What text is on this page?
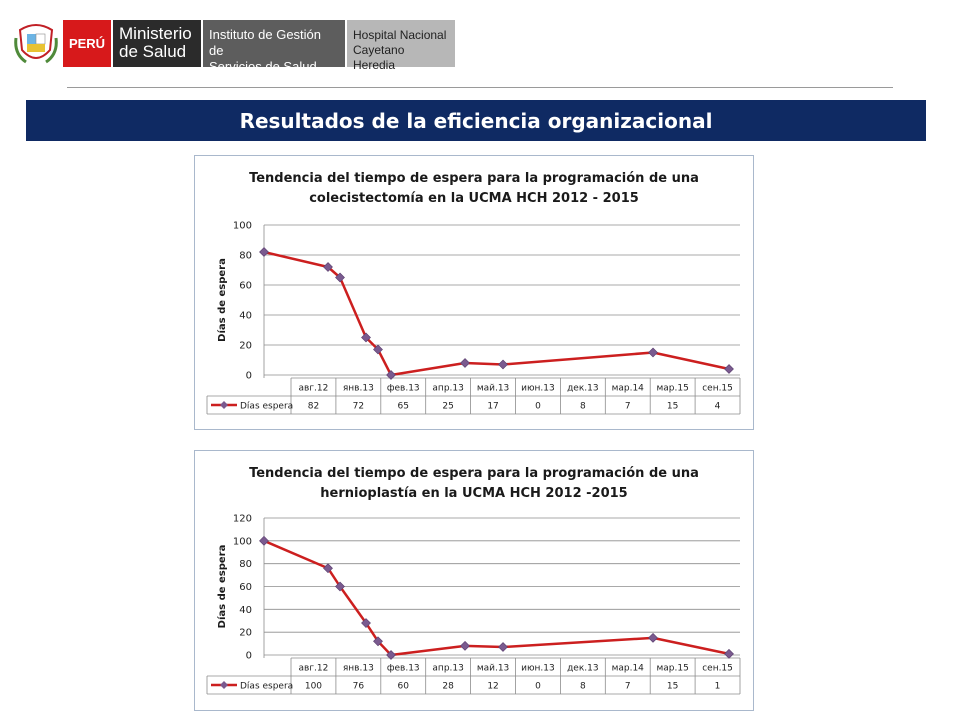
PERÚ
Ministerio
de Salud
Instituto de Gestión de
Servicios de Salud
Hospital Nacional
Cayetano Heredia
Resultados de la eficiencia organizacional
Tendencia del tiempo de espera para la programación de una
colecistectomía en la UCMA HCH 2012 - 2015
0
20
40
60
80
100
Días de espera
авг.12 янв.13 фев.13 апр.13 май.13 июн.13 дек.13 мар.14 мар.15 сен.15
Días espera 82	72	65	25	17	0	8	7	15	4
Tendencia del tiempo de espera para la programación de una
hernioplastía en la UCMA HCH 2012 -2015
0
20
40
60
80
100
120
Días de espera
авг.12 янв.13 фев.13 апр.13 май.13 июн.13 дек.13 мар.14 мар.15 сен.15
Días espera 100	76	60	28	12	0	8	7	15	1
